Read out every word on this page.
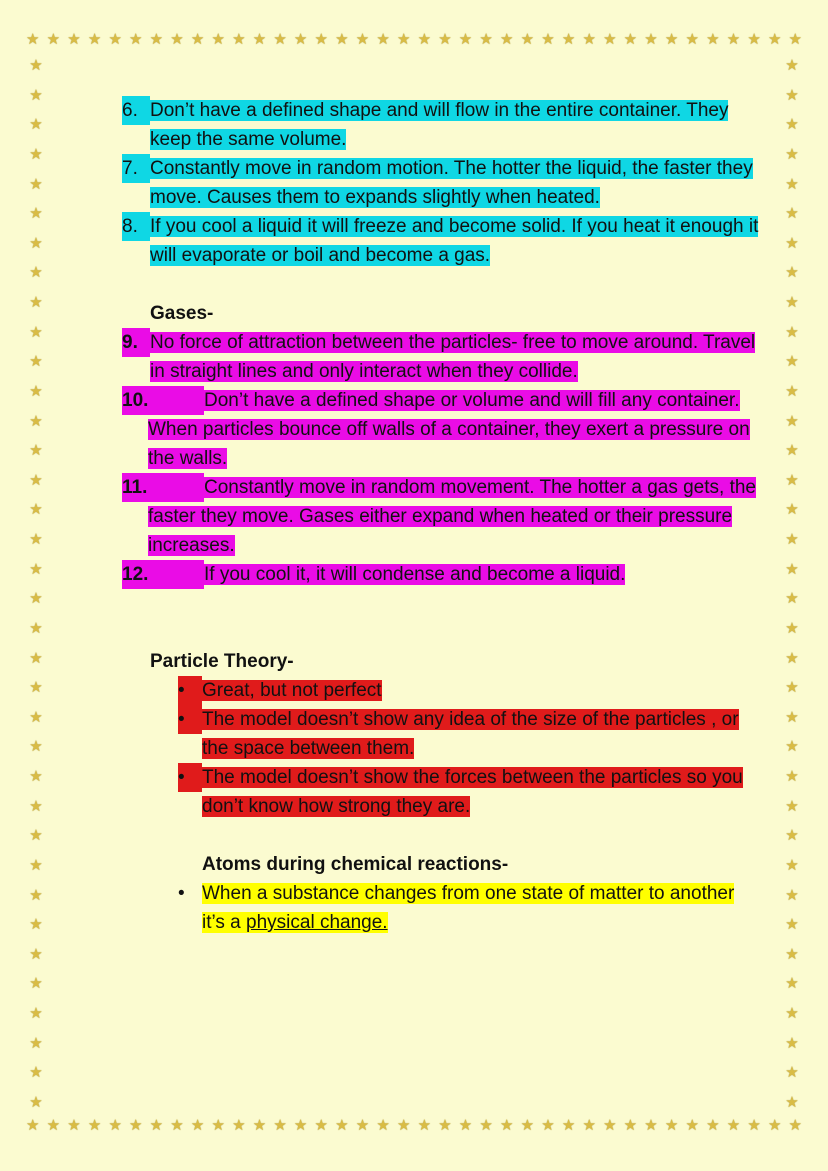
★ ★ ★ ★ ★ ★ ★ ★ ★ ★ ★ ★ ★ ★ ★ ★ ★ ★ ★ ★ ★ ★ ★ ★ ★ ★ ★ ★ ★ ★ ★ ★ ★ ★ ★ ★ ★ ★
★
★
★
★
★
★
★
★
★
★
★
★
★
★
★
★
★
★
★
★
★
★
★
★
★
★
★
★
★
★
★
★
★
★
★
★
★
★
★
★
★
★
★
★
★
★
★
★
★
★
★
★
★
★
★
★
★
★
★
★
★
★
★
★
★
★
★
★
★
★
★
★
★ ★ ★ ★ ★ ★ ★ ★ ★ ★ ★ ★ ★ ★ ★ ★ ★ ★ ★ ★ ★ ★ ★ ★ ★ ★ ★ ★ ★ ★ ★ ★ ★ ★ ★ ★ ★ ★

6. Don’t have a defined shape and will flow in the entire container. They keep the same volume.

7. Constantly move in random motion. The hotter the liquid, the faster they move. Causes them to expands slightly when heated.

8. If you cool a liquid it will freeze and become solid. If you heat it enough it will evaporate or boil and become a gas.

Gases-

9. No force of attraction between the particles- free to move around. Travel in straight lines and only interact when they collide.

10.	Don’t have a defined shape or volume and will fill any container. When particles bounce off walls of a container, they exert a pressure on the walls.

11.	Constantly move in random movement. The hotter a gas gets, the faster they move. Gases either expand when heated or their pressure increases.

12.	If you cool it, it will condense and become a liquid.

Particle Theory-

• Great, but not perfect

• The model doesn’t show any idea of the size of the particles , or the space between them.

• The model doesn’t show the forces between the particles so you don’t know how strong they are.

Atoms during chemical reactions-

• When a substance changes from one state of matter to another it’s a physical change.
